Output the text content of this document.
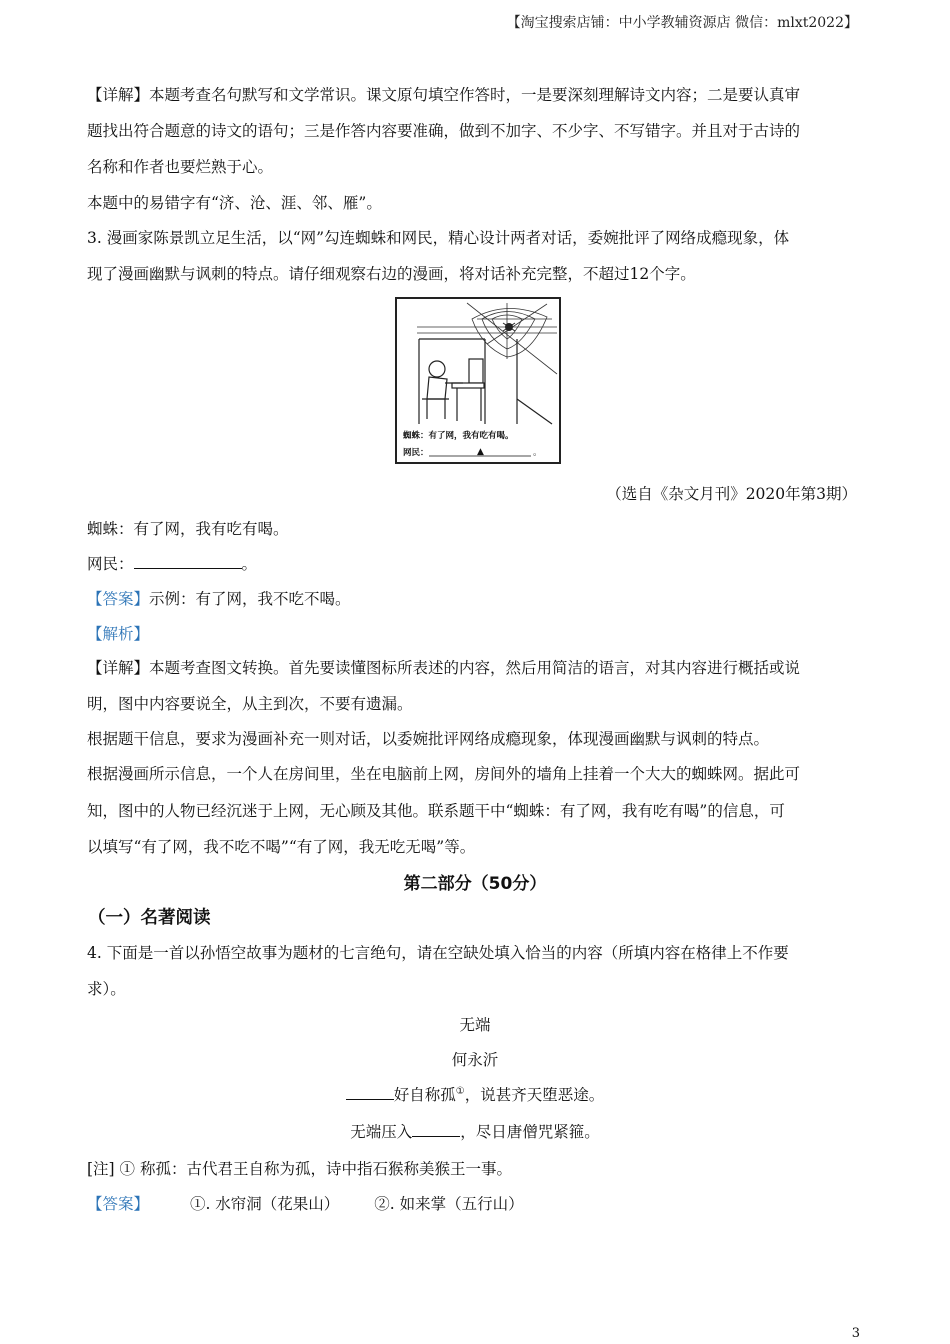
【淘宝搜索店铺：中小学教辅资源店 微信：mlxt2022】
【详解】本题考查名句默写和文学常识。课文原句填空作答时，一是要深刻理解诗文内容；二是要认真审
题找出符合题意的诗文的语句；三是作答内容要准确，做到不加字、不少字、不写错字。并且对于古诗的
名称和作者也要烂熟于心。
本题中的易错字有“济、沧、涯、邻、雁”。
3. 漫画家陈景凯立足生活，以“网”勾连蜘蛛和网民，精心设计两者对话，委婉批评了网络成瘾现象，体
现了漫画幽默与讽刺的特点。请仔细观察右边的漫画，将对话补充完整，不超过12个字。
蜘蛛：有了网，我有吃有喝。
网民：	▲	。
（选自《杂文月刊》2020年第3期）
蜘蛛：有了网，我有吃有喝。
网民：	。
【答案】示例：有了网，我不吃不喝。
【解析】
【详解】本题考查图文转换。首先要读懂图标所表述的内容，然后用简洁的语言，对其内容进行概括或说
明，图中内容要说全，从主到次，不要有遗漏。
根据题干信息，要求为漫画补充一则对话，以委婉批评网络成瘾现象，体现漫画幽默与讽刺的特点。
根据漫画所示信息，一个人在房间里，坐在电脑前上网，房间外的墙角上挂着一个大大的蜘蛛网。据此可
知，图中的人物已经沉迷于上网，无心顾及其他。联系题干中“蜘蛛：有了网，我有吃有喝”的信息，可
以填写“有了网，我不吃不喝”“有了网，我无吃无喝”等。
第二部分（50分）
（一）名著阅读
4. 下面是一首以孙悟空故事为题材的七言绝句，请在空缺处填入恰当的内容（所填内容在格律上不作要
求）。
无端
何永沂
好自称孤①，说甚齐天堕恶途。
无端压入	，尽日唐僧咒紧箍。
[注] ① 称孤：古代君王自称为孤，诗中指石猴称美猴王一事。
【答案】	①. 水帘洞（花果山） ②. 如来掌（五行山）
3
